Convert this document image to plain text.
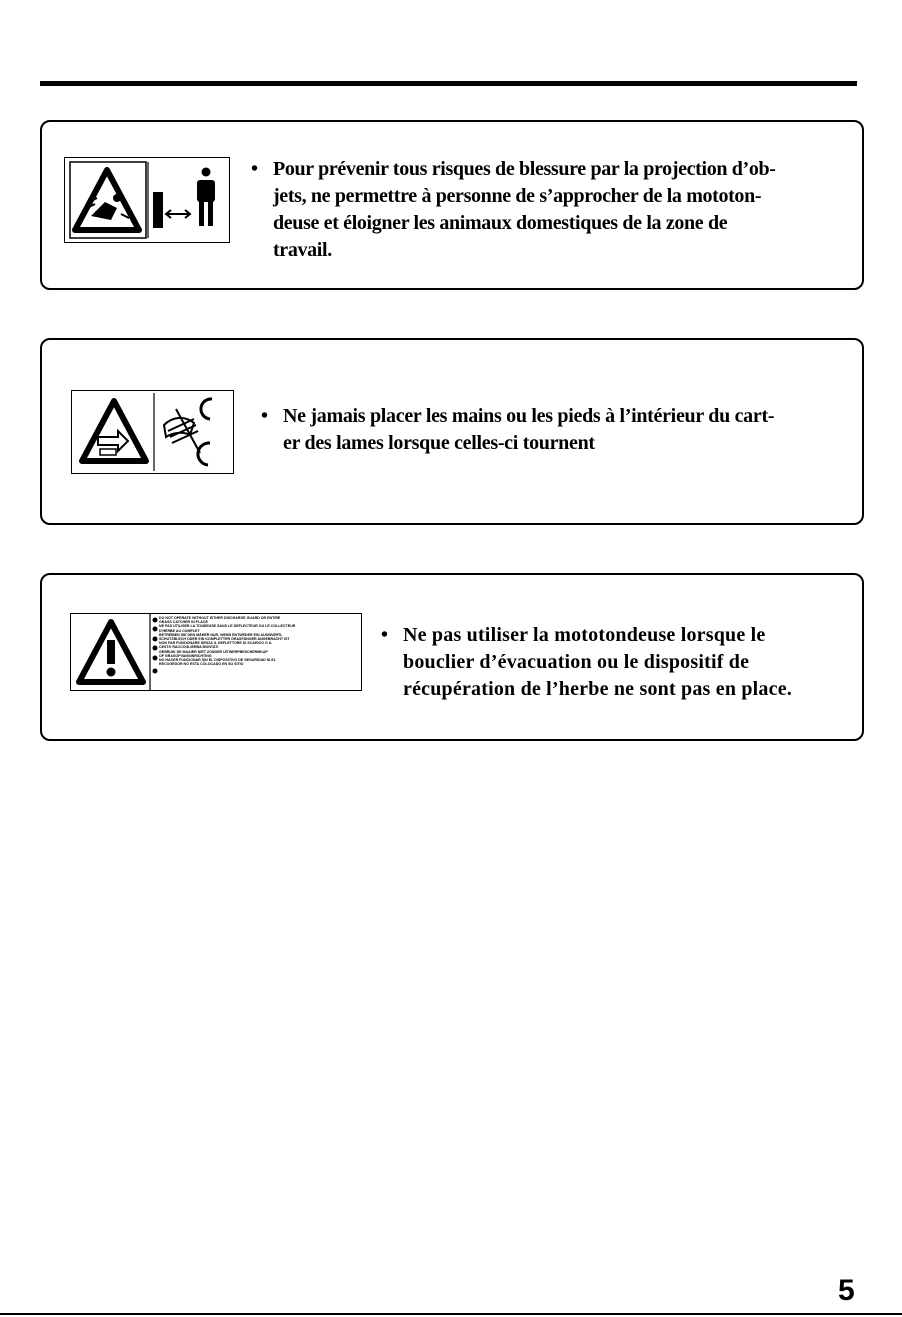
• Pour prévenir tous risques de blessure par la projection d’ob-
jets, ne permettre à personne de s’approcher de la mototon-
deuse et éloigner les animaux domestiques de la zone de
travail.
• Ne jamais placer les mains ou les pieds à l’intérieur du cart-
er des lames lorsque celles-ci tournent
DO NOT OPERATE WITHOUT EITHER DISCHARGE GUARD OR ENTIRE
GRASS CATCHER IN PLACE
NE PAS UTILISER LA TONDEUSE SANS LE DEFLECTEUR OU LE COLLECTEUR
D'HERBE AU COMPLET
BETREIBEN SIE DEN MÄHER NUR, WENN ENTWEDER EIN AUSWURFS-
SCHUTZBLECH ODER EIN KOMPLETTER GRASFÄNGER ANGEBRACHT IST
NON FAR FUNZIONARE SENZA IL DEFLETTORE DI SCARICO O IL
CESTO RACCOGLIERBA MONTATI
GEBRUIK DE MAAIER NIET ZONDER UITWERPBESCHERMKAP
OF GRASOPVANGINRICHTING
NO HACER FUNCIONAR SIN EL DISPOSITIVO DE SEGURIDAD NI EL
RECOGEDOR NO ESTA COLOCADO EN SU SITIO
• Ne pas utiliser la mototondeuse lorsque le
bouclier d’évacuation ou le dispositif de
récupération de l’herbe ne sont pas en place.
5
